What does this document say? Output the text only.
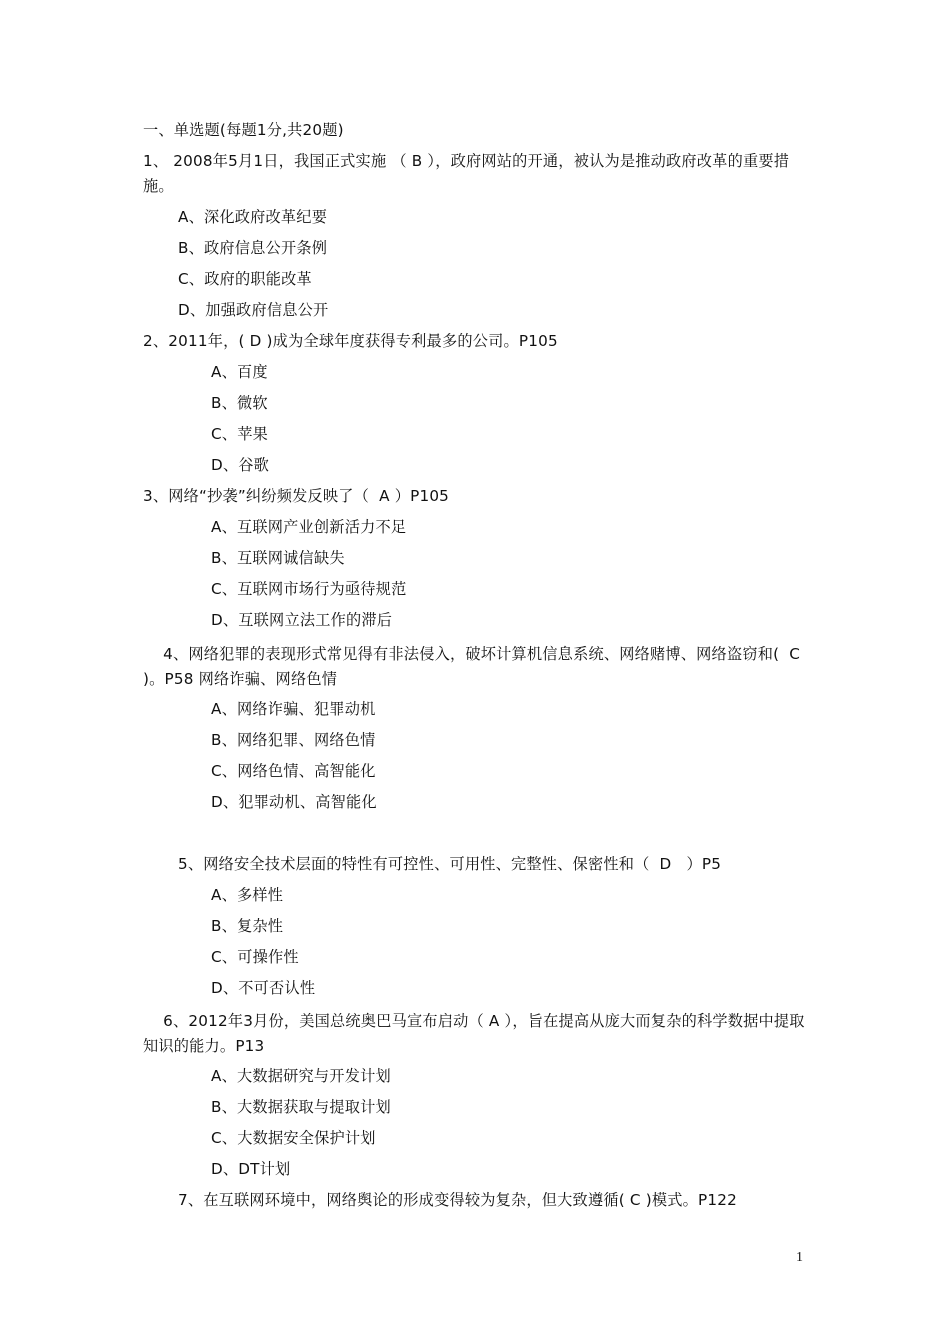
一、单选题(每题1分,共20题)
1、 2008年5月1日，我国正式实施 （ B ），政府网站的开通，被认为是推动政府改革的重要措施。
A、深化政府改革纪要
B、政府信息公开条例
C、政府的职能改革
D、加强政府信息公开
2、2011年，( D )成为全球年度获得专利最多的公司。P105
A、百度
B、微软
C、苹果
D、谷歌
3、网络“抄袭”纠纷频发反映了（  A ）P105
A、互联网产业创新活力不足
B、互联网诚信缺失
C、互联网市场行为亟待规范
D、互联网立法工作的滞后
4、网络犯罪的表现形式常见得有非法侵入，破坏计算机信息系统、网络赌博、网络盗窃和(  C  )。P58 网络诈骗、网络色情
A、网络诈骗、犯罪动机
B、网络犯罪、网络色情
C、网络色情、高智能化
D、犯罪动机、高智能化
5、网络安全技术层面的特性有可控性、可用性、完整性、保密性和（  D   ）P5
A、多样性
B、复杂性
C、可操作性
D、不可否认性
6、2012年3月份，美国总统奥巴马宣布启动（ A ），旨在提高从庞大而复杂的科学数据中提取知识的能力。P13
A、大数据研究与开发计划
B、大数据获取与提取计划
C、大数据安全保护计划
D、DT计划
7、在互联网环境中，网络舆论的形成变得较为复杂，但大致遵循( C )模式。P122
1
